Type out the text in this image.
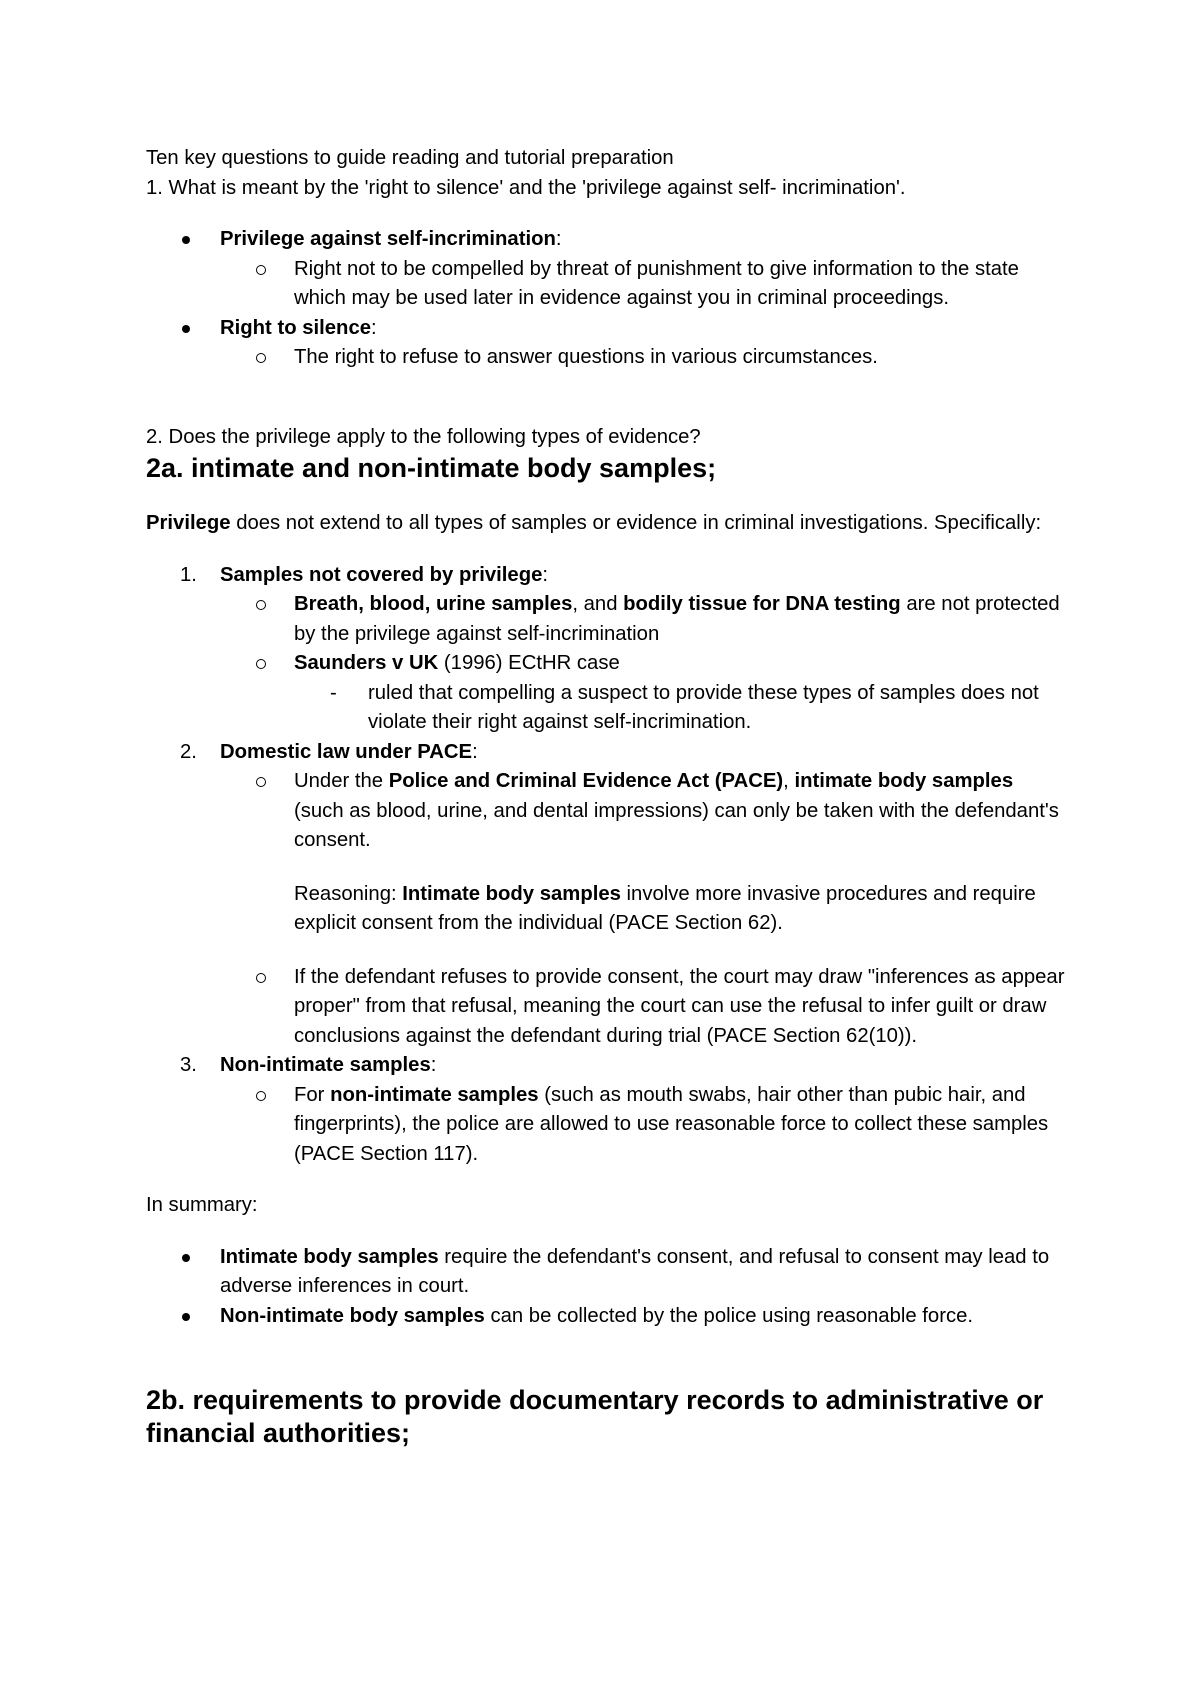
Ten key questions to guide reading and tutorial preparation

1. What is meant by the 'right to silence' and the 'privilege against self- incrimination'.

Privilege against self-incrimination:
Right not to be compelled by threat of punishment to give information to the state which may be used later in evidence against you in criminal proceedings.
Right to silence:
The right to refuse to answer questions in various circumstances.

2. Does the privilege apply to the following types of evidence?

2a. intimate and non-intimate body samples;

Privilege does not extend to all types of samples or evidence in criminal investigations. Specifically:

1.	Samples not covered by privilege:
Breath, blood, urine samples, and bodily tissue for DNA testing are not protected by the privilege against self-incrimination
Saunders v UK (1996) ECtHR case
- ruled that compelling a suspect to provide these types of samples does not violate their right against self-incrimination.
2.	Domestic law under PACE:
Under the Police and Criminal Evidence Act (PACE), intimate body samples (such as blood, urine, and dental impressions) can only be taken with the defendant's consent.
Reasoning: Intimate body samples involve more invasive procedures and require explicit consent from the individual (PACE Section 62).
If the defendant refuses to provide consent, the court may draw "inferences as appear proper" from that refusal, meaning the court can use the refusal to infer guilt or draw conclusions against the defendant during trial (PACE Section 62(10)).
3.	Non-intimate samples:
For non-intimate samples (such as mouth swabs, hair other than pubic hair, and fingerprints), the police are allowed to use reasonable force to collect these samples (PACE Section 117).

In summary:

Intimate body samples require the defendant's consent, and refusal to consent may lead to adverse inferences in court.
Non-intimate body samples can be collected by the police using reasonable force.
2b. requirements to provide documentary records to administrative or financial authorities;
